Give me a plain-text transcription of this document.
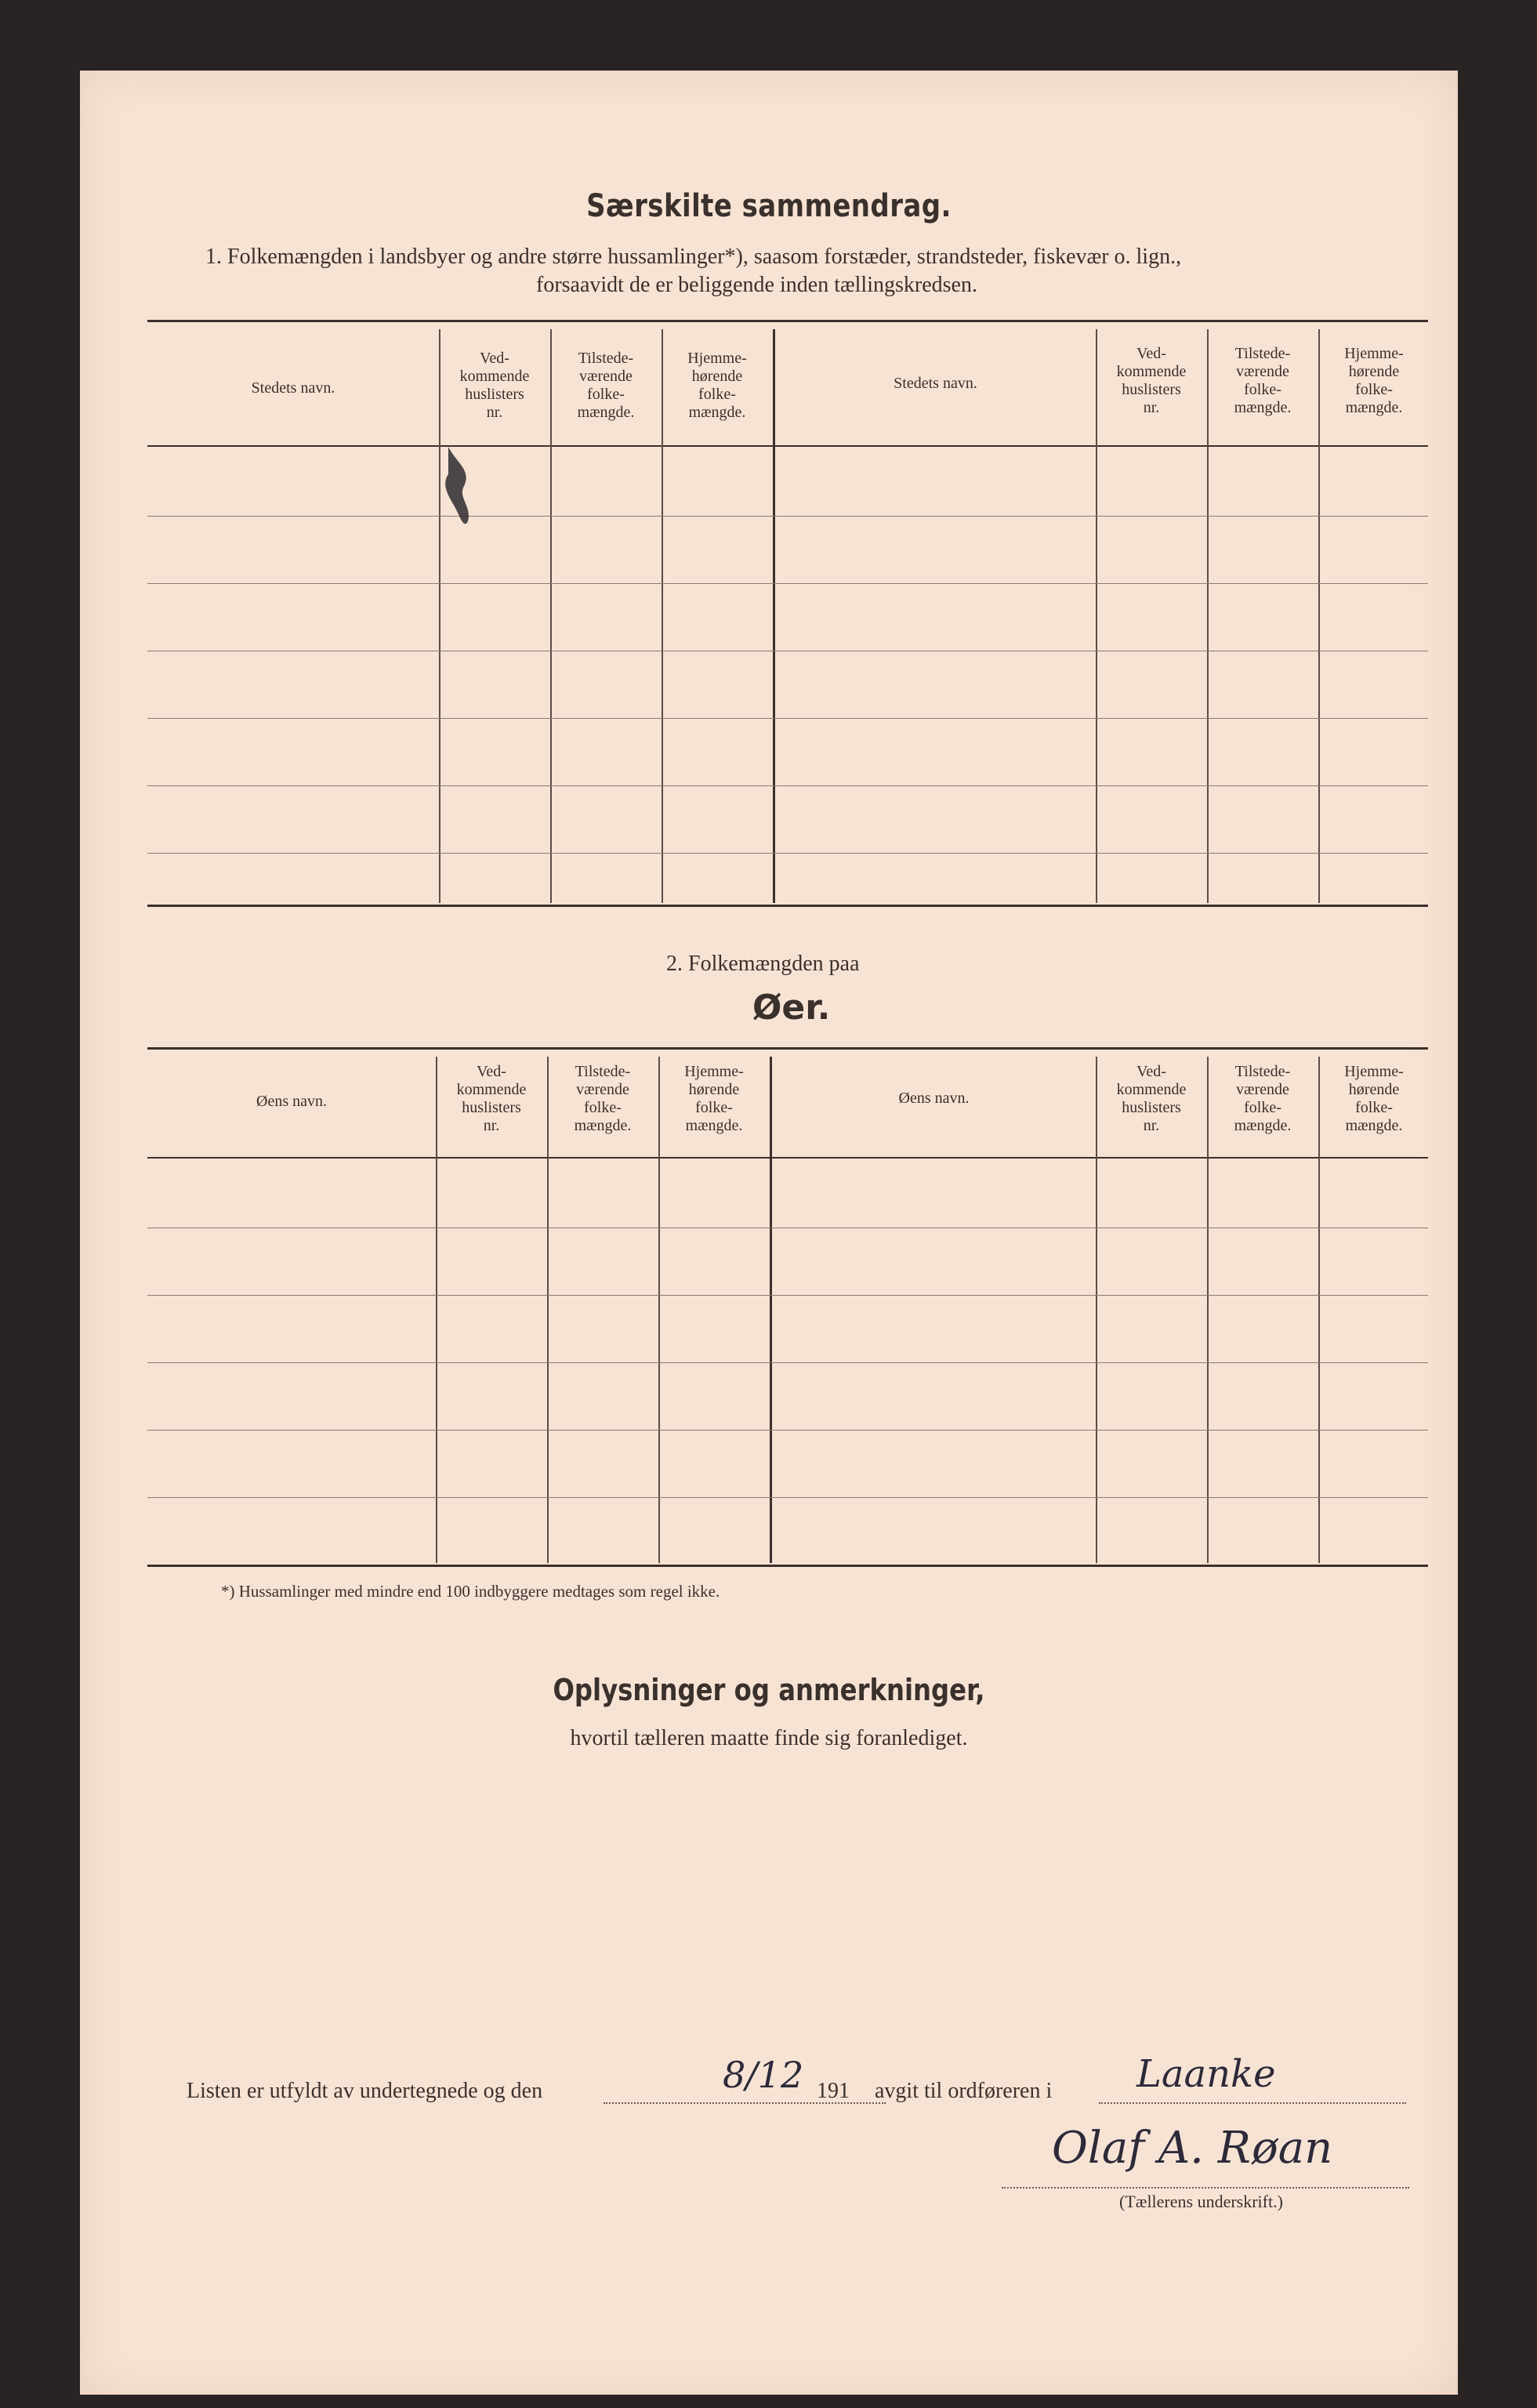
Særskilte sammendrag.
1. Folkemængden i landsbyer og andre større hussamlinger*), saasom forstæder, strandsteder, fiskevær o. lign.,
forsaavidt de er beliggende inden tællingskredsen.
Stedets navn.
Ved-
kommende
huslisters
nr.
Tilstede-
værende
folke-
mængde.
Hjemme-
hørende
folke-
mængde.
Stedets navn.
Ved-
kommende
huslisters
nr.
Tilstede-
værende
folke-
mængde.
Hjemme-
hørende
folke-
mængde.
2. Folkemængden paa
Øer.
Øens navn.
Ved-
kommende
huslisters
nr.
Tilstede-
værende
folke-
mængde.
Hjemme-
hørende
folke-
mængde.
Øens navn.
Ved-
kommende
huslisters
nr.
Tilstede-
værende
folke-
mængde.
Hjemme-
hørende
folke-
mængde.
*) Hussamlinger med mindre end 100 indbyggere medtages som regel ikke.
Oplysninger og anmerkninger,
hvortil tælleren maatte finde sig foranlediget.
Listen er utfyldt av undertegnede og den	8/12 191 avgit til ordføreren i Laanke
Olaf A. Røan
(Tællerens underskrift.)
